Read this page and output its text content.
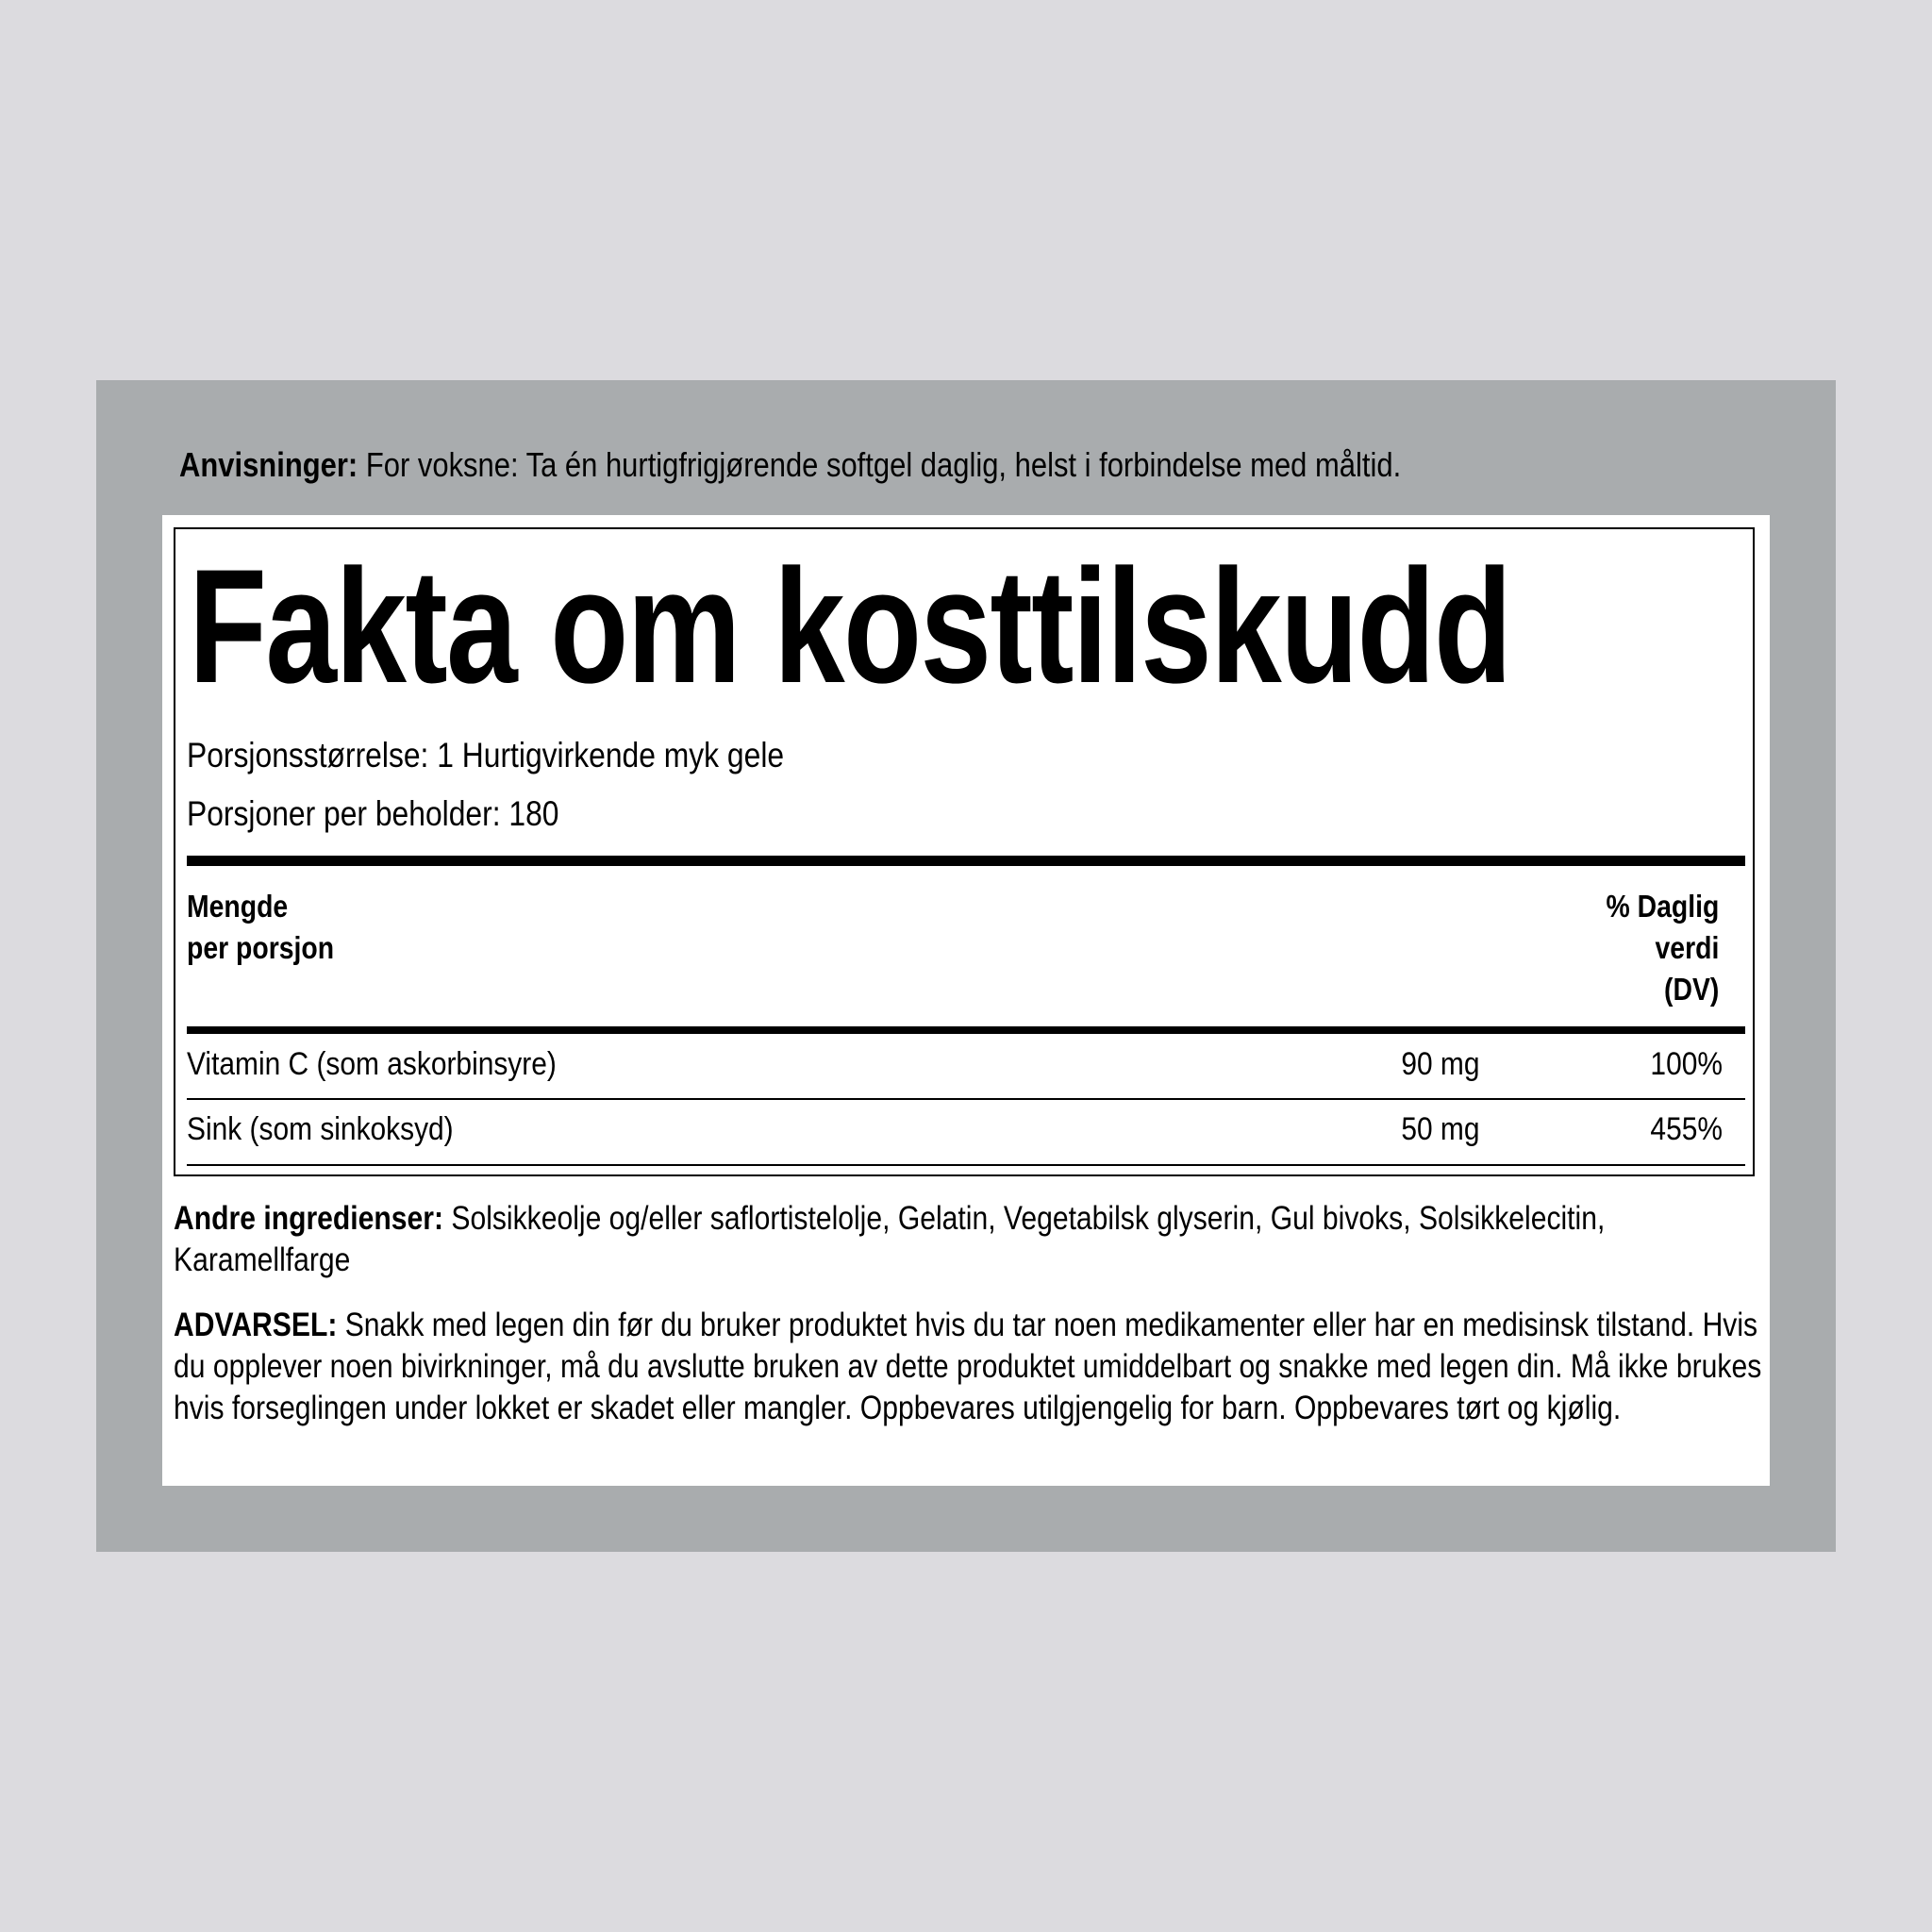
Anvisninger: For voksne: Ta én hurtigfrigjørende softgel daglig, helst i forbindelse med måltid.
Fakta om kosttilskudd
Porsjonsstørrelse: 1 Hurtigvirkende myk gele
Porsjoner per beholder: 180
Mengde
per porsjon
% Daglig
verdi
(DV)
Vitamin C (som askorbinsyre)	90 mg	100%
Sink (som sinkoksyd)	50 mg	455%
Andre ingredienser: Solsikkeolje og/eller saflortistelolje, Gelatin, Vegetabilsk glyserin, Gul bivoks, Solsikkelecitin, Karamellfarge
ADVARSEL: Snakk med legen din før du bruker produktet hvis du tar noen medikamenter eller har en medisinsk tilstand. Hvis du opplever noen bivirkninger, må du avslutte bruken av dette produktet umiddelbart og snakke med legen din. Må ikke brukes hvis forseglingen under lokket er skadet eller mangler. Oppbevares utilgjengelig for barn. Oppbevares tørt og kjølig.
